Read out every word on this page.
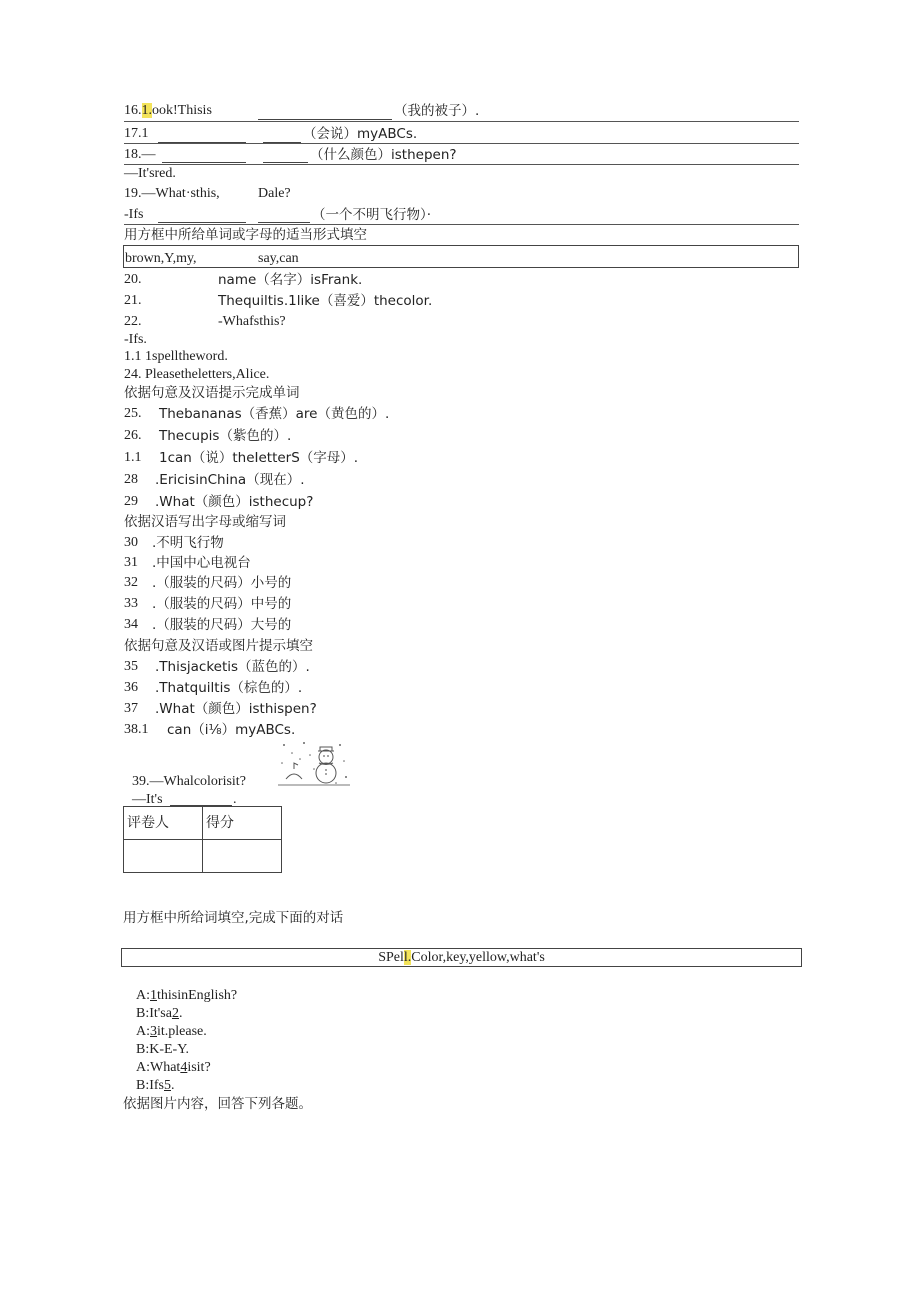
16.1.ook!Thisis	（我的被子）.
17.1	（会说）myABCs.
18.—	（什么颜色）isthepen?
—It'sred.
19.—What·sthis,	Dale?
-Ifs	（一个不明飞行物）·
用方框中所给单词或字母的适当形式填空
brown,Y,my,	say,can
20.	name（名字）isFrank.
21.	Thequiltis.1like（喜爱）thecolor.
22.	-Whafsthis?
-Ifs.
1.1 1spelltheword.
24. Pleasetheletters,Alice.
依据句意及汉语提示完成单词
25. Thebananas（香蕉）are（黄色的）.
26. Thecupis（紫色的）.
1.1 1can（说）theIetterS（字母）.
28 .EricisinChina（现在）.
29 .What（颜色）isthecup?
依据汉语写出字母或缩写词
30 .不明飞行物
31 .中国中心电视台
32 .（服装的尺码）小号的
33 .（服装的尺码）中号的
34 .（服装的尺码）大号的
依据句意及汉语或图片提示填空
35 .Thisjacketis（蓝色的）.
36 .Thatquiltis（棕色的）.
37 .What（颜色）isthispen?
38.1 can（i⅛）myABCs.
39.—Whalcolorisit?
—It's	.
评卷人	得分

用方框中所给词填空,完成下面的对话
SPell.Color,key,yellow,what's
A:1thisinEnglish?
B:It'sa2.
A:3it.please.
B:K-E-Y.
A:What4isit?
B:Ifs5.
依据图片内容，回答下列各题。
